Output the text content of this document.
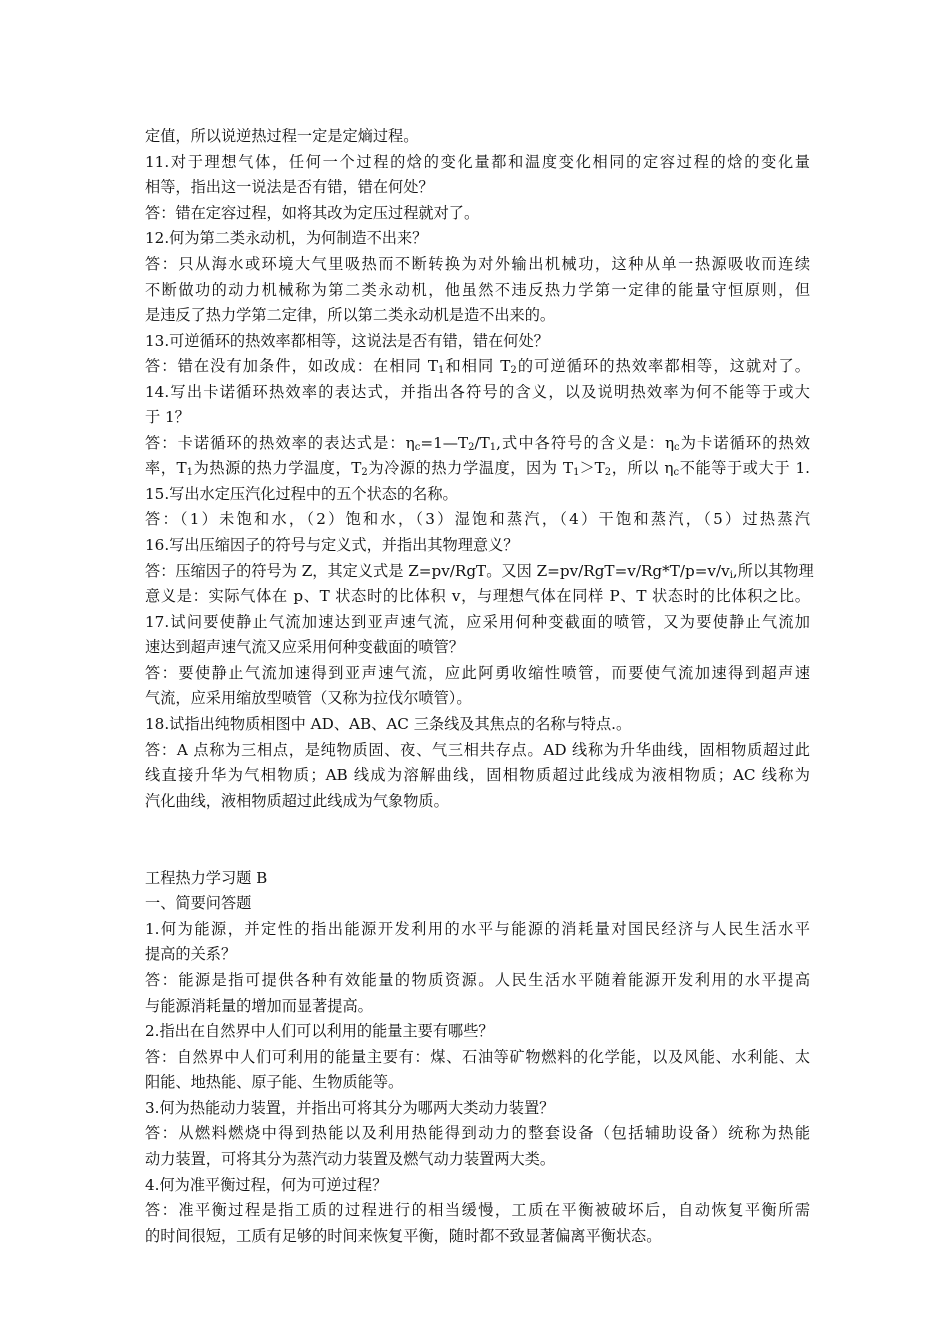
定值，所以说逆热过程一定是定熵过程。
11.对于理想气体，任何一个过程的焓的变化量都和温度变化相同的定容过程的焓的变化量
相等，指出这一说法是否有错，错在何处？
答：错在定容过程，如将其改为定压过程就对了。
12.何为第二类永动机，为何制造不出来？
答：只从海水或环境大气里吸热而不断转换为对外输出机械功，这种从单一热源吸收而连续
不断做功的动力机械称为第二类永动机，他虽然不违反热力学第一定律的能量守恒原则，但
是违反了热力学第二定律，所以第二类永动机是造不出来的。
13.可逆循环的热效率都相等，这说法是否有错，错在何处？
答：错在没有加条件，如改成：在相同 $T_1$和相同 $T_2$的可逆循环的热效率都相等，这就对了。
14.写出卡诺循环热效率的表达式，并指出各符号的含义，以及说明热效率为何不能等于或大
于 1？
答：卡诺循环的热效率的表达式是：$\eta_c=1—T_2/T_1$,式中各符号的含义是：$\eta_c$为卡诺循环的热效
率，$T_1$为热源的热力学温度，$T_2$为冷源的热力学温度，因为 $T_1>T_2$，所以 $\eta_c$不能等于或大于 1.
15.写出水定压汽化过程中的五个状态的名称。
答：（1）未饱和水，（2）饱和水，（3）湿饱和蒸汽，（4）干饱和蒸汽，（5）过热蒸汽
16.写出压缩因子的符号与定义式，并指出其物理意义？
答：压缩因子的符号为 Z，其定义式是 Z=pv/RgT。又因 $Z=pv/RgT=v/Rg*T/p=v/v_i$,所以其物理
意义是：实际气体在 p、T 状态时的比体积 v，与理想气体在同样 P、T 状态时的比体积之比。
17.试问要使静止气流加速达到亚声速气流，应采用何种变截面的喷管，又为要使静止气流加
速达到超声速气流又应采用何种变截面的喷管？
答：要使静止气流加速得到亚声速气流，应此阿勇收缩性喷管，而要使气流加速得到超声速
气流，应采用缩放型喷管（又称为拉伐尔喷管）。
18.试指出纯物质相图中 AD、AB、AC 三条线及其焦点的名称与特点.。
答：A 点称为三相点，是纯物质固、夜、气三相共存点。AD 线称为升华曲线，固相物质超过此
线直接升华为气相物质；AB 线成为溶解曲线，固相物质超过此线成为液相物质；AC 线称为
汽化曲线，液相物质超过此线成为气象物质。
工程热力学习题 B
一、简要问答题
1.何为能源，并定性的指出能源开发利用的水平与能源的消耗量对国民经济与人民生活水平
提高的关系？
答：能源是指可提供各种有效能量的物质资源。人民生活水平随着能源开发利用的水平提高
与能源消耗量的增加而显著提高。
2.指出在自然界中人们可以利用的能量主要有哪些？
答：自然界中人们可利用的能量主要有：煤、石油等矿物燃料的化学能，以及风能、水利能、太
阳能、地热能、原子能、生物质能等。
3.何为热能动力装置，并指出可将其分为哪两大类动力装置？
答：从燃料燃烧中得到热能以及利用热能得到动力的整套设备（包括辅助设备）统称为热能
动力装置，可将其分为蒸汽动力装置及燃气动力装置两大类。
4.何为准平衡过程，何为可逆过程？
答：准平衡过程是指工质的过程进行的相当缓慢，工质在平衡被破坏后，自动恢复平衡所需
的时间很短，工质有足够的时间来恢复平衡，随时都不致显著偏离平衡状态。
